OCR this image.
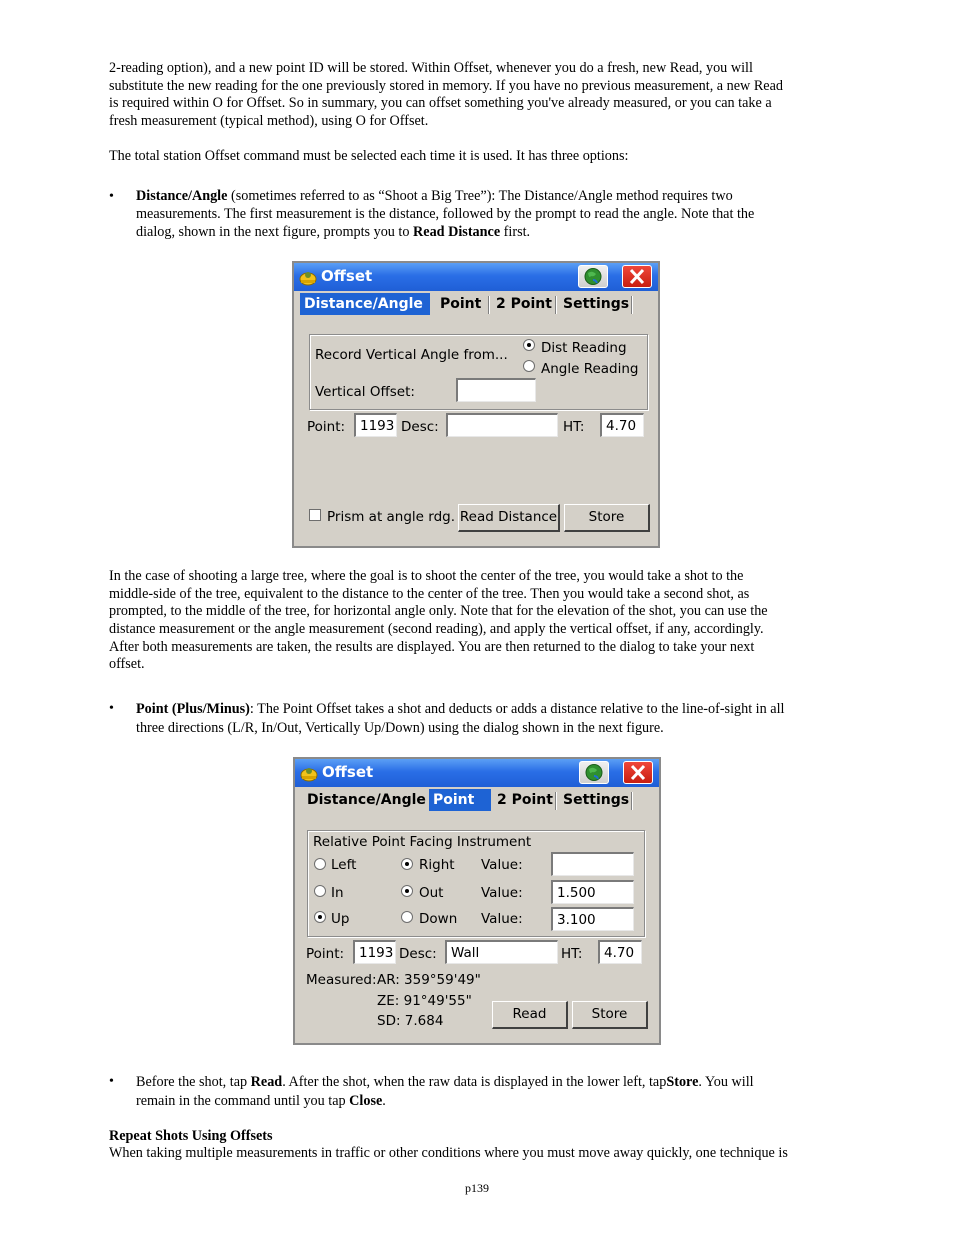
2-reading option), and a new point ID will be stored. Within Offset, whenever you do a fresh, new Read, you will
substitute the new reading for the one previously stored in memory. If you have no previous measurement, a new Read
is required within O for Offset. So in summary, you can offset something you've already measured, or you can take a
fresh measurement (typical method), using O for Offset.
The total station Offset command must be selected each time it is used. It has three options:
• Distance/Angle (sometimes referred to as “Shoot a Big Tree”): The Distance/Angle method requires two
measurements. The first measurement is the distance, followed by the prompt to read the angle. Note that the
dialog, shown in the next figure, prompts you to Read Distance first.
Offset
Distance/Angle	Point 2 Point Settings
Record Vertical Angle from... Dist Reading
Angle Reading
Vertical Offset:
Point:	1193 Desc:	HT:	4.70
Prism at angle rdg. Read Distance	Store
In the case of shooting a large tree, where the goal is to shoot the center of the tree, you would take a shot to the
middle-side of the tree, equivalent to the distance to the center of the tree. Then you would take a second shot, as
prompted, to the middle of the tree, for horizontal angle only. Note that for the elevation of the shot, you can use the
distance measurement or the angle measurement (second reading), and apply the vertical offset, if any, accordingly.
After both measurements are taken, the results are displayed. You are then returned to the dialog to take your next
offset.
• Point (Plus/Minus): The Point Offset takes a shot and deducts or adds a distance relative to the line-of-sight in all
three directions (L/R, In/Out, Vertically Up/Down) using the dialog shown in the next figure.
Offset
Distance/Angle Point	2 Point Settings
Relative Point Facing Instrument
Left	Right Value:
In	Out	Value:	1.500
Up	Down Value:	3.100
Point:	1193 Desc:	Wall	HT:	4.70
Measured: AR: 359°59'49"
ZE: 91°49'55"
SD: 7.684	Read	Store
• Before the shot, tap Read. After the shot, when the raw data is displayed in the lower left, tapStore. You will
remain in the command until you tap Close.
Repeat Shots Using Offsets
When taking multiple measurements in traffic or other conditions where you must move away quickly, one technique is
p139
